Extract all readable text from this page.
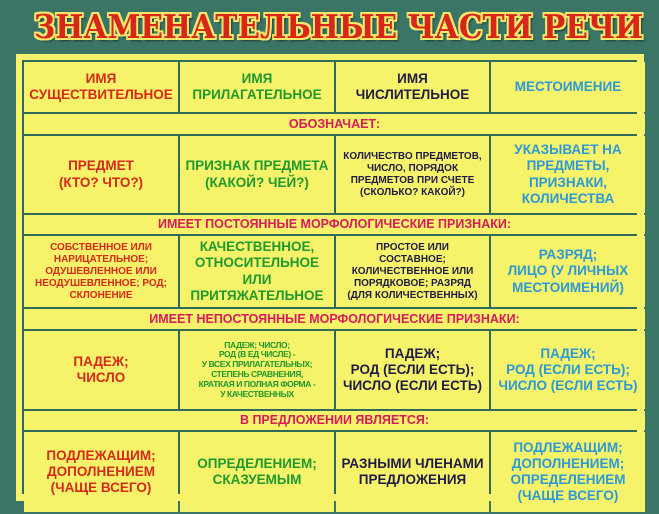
ЗНАМЕНАТЕЛЬНЫЕ ЧАСТИ РЕЧИ
ИМЯ
СУЩЕСТВИТЕЛЬНОЕ
ИМЯ
ПРИЛАГАТЕЛЬНОЕ
ИМЯ
ЧИСЛИТЕЛЬНОЕ
МЕСТОИМЕНИЕ
ОБОЗНАЧАЕТ:
ПРЕДМЕТ
(КТО? ЧТО?)
ПРИЗНАК ПРЕДМЕТА
(КАКОЙ? ЧЕЙ?)
КОЛИЧЕСТВО ПРЕДМЕТОВ,
ЧИСЛО, ПОРЯДОК
ПРЕДМЕТОВ ПРИ СЧЕТЕ
(СКОЛЬКО? КАКОЙ?)
УКАЗЫВАЕТ НА
ПРЕДМЕТЫ,
ПРИЗНАКИ,
КОЛИЧЕСТВА
ИМЕЕТ ПОСТОЯННЫЕ МОРФОЛОГИЧЕСКИЕ ПРИЗНАКИ:
СОБСТВЕННОЕ ИЛИ
НАРИЦАТЕЛЬНОЕ;
ОДУШЕВЛЕННОЕ ИЛИ
НЕОДУШЕВЛЕННОЕ; РОД;
СКЛОНЕНИЕ
КАЧЕСТВЕННОЕ,
ОТНОСИТЕЛЬНОЕ
ИЛИ
ПРИТЯЖАТЕЛЬНОЕ
ПРОСТОЕ ИЛИ
СОСТАВНОЕ;
КОЛИЧЕСТВЕННОЕ ИЛИ
ПОРЯДКОВОЕ; РАЗРЯД
(ДЛЯ КОЛИЧЕСТВЕННЫХ)
РАЗРЯД;
ЛИЦО (У ЛИЧНЫХ
МЕСТОИМЕНИЙ)
ИМЕЕТ НЕПОСТОЯННЫЕ МОРФОЛОГИЧЕСКИЕ ПРИЗНАКИ:
ПАДЕЖ;
ЧИСЛО
ПАДЕЖ; ЧИСЛО;
РОД (В ЕД ЧИСЛЕ) -
У ВСЕХ ПРИЛАГАТЕЛЬНЫХ;
СТЕПЕНЬ СРАВНЕНИЯ,
КРАТКАЯ И ПОЛНАЯ ФОРМА -
У КАЧЕСТВЕННЫХ
ПАДЕЖ;
РОД (ЕСЛИ ЕСТЬ);
ЧИСЛО (ЕСЛИ ЕСТЬ)
ПАДЕЖ;
РОД (ЕСЛИ ЕСТЬ);
ЧИСЛО (ЕСЛИ ЕСТЬ)
В ПРЕДЛОЖЕНИИ ЯВЛЯЕТСЯ:
ПОДЛЕЖАЩИМ;
ДОПОЛНЕНИЕМ
(ЧАЩЕ ВСЕГО)
ОПРЕДЕЛЕНИЕМ;
СКАЗУЕМЫМ
РАЗНЫМИ ЧЛЕНАМИ
ПРЕДЛОЖЕНИЯ
ПОДЛЕЖАЩИМ;
ДОПОЛНЕНИЕМ;
ОПРЕДЕЛЕНИЕМ
(ЧАЩЕ ВСЕГО)
